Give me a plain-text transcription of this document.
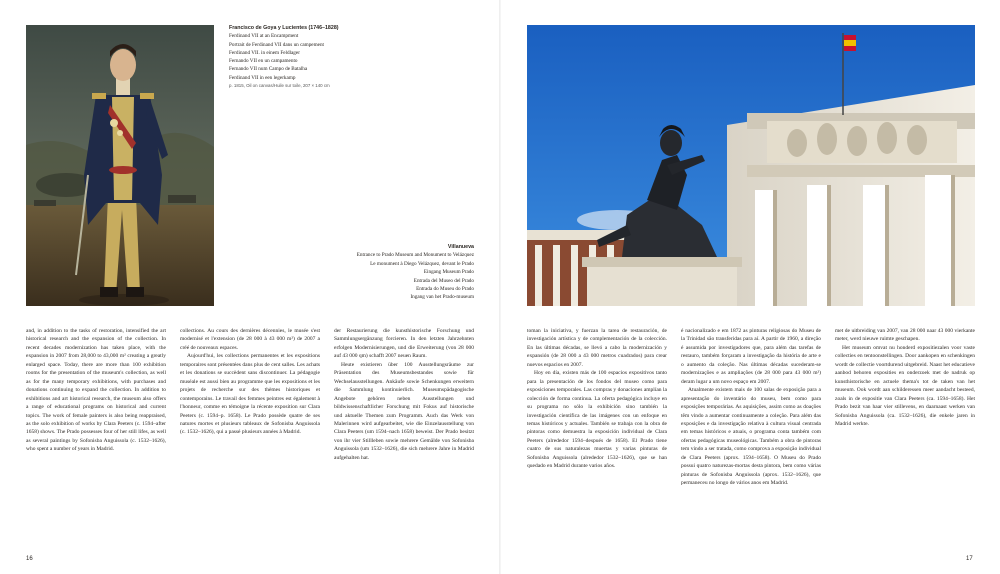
Francisco de Goya y Lucientes (1746–1828)
Ferdinand VII at an Encampment
Portrait de Ferdinand VII dans un campement
Ferdinand VII. in einem Feldlager
Fernando VII en un campamento
Fernando VII num Campo de Batalha
Ferdinand VII in een legerkamp
p. 1815, Oil on canvas/Huile sur toile, 207 × 140 cm
Villanueva
Entrance to Prado Museum and Monument to Velázquez
Le monument à Diego Velázquez, devant le Prado
Eingang Museum Prado
Entrada del Museo del Prado
Entrada do Museu do Prado
Ingang van het Prado-museum

and, in addition to the tasks of restoration, intensified the art historical research and the expansion of the collection. In recent decades modernization has taken place, with the expansion in 2007 from 28,000 to 43,000 m² creating a greatly enlarged space. Today, there are more than 100 exhibition rooms for the presentation of the museum's collection, as well as for the many temporary exhibitions, with purchases and donations continuing to expand the collection. In addition to exhibitions and art historical research, the museum also offers a range of educational programs on historical and current topics. The work of female painters is also being reappraised, as the solo exhibition of works by Clara Peeters (c. 1594–after 1658) shows. The Prado possesses four of her still lifes, as well as several paintings by Sofonisba Anguissola (c. 1532–1626), who spent a number of years in Madrid.

collections. Au cours des dernières décennies, le musée s'est modernisé et l'extension (de 28 000 à 43 000 m²) de 2007 a créé de nouveaux espaces.

Aujourd'hui, les collections permanentes et les expositions temporaires sont présentées dans plus de cent salles. Les achats et les donations se succèdent sans discontinuer. La pédagogie muséale est aussi bien au programme que les expositions et les projets de recherche sur des thèmes historiques et contemporains. Le travail des femmes peintres est également à l'honneur, comme en témoigne la récente exposition sur Clara Peeters (c. 1594–p. 1658). Le Prado possède quatre de ses natures mortes et plusieurs tableaux de Sofonisba Anguissola (c. 1532–1626), qui a passé plusieurs années à Madrid.

der Restaurierung die kunsthistorische Forschung und Sammlungsergänzung forcieren. In den letzten Jahrzehnten erfolgen Modernisierungen, und die Erweiterung (von 28 000 auf 43 000 qm) schafft 2007 neuen Raum.

Heute existieren über 100 Ausstellungsräume zur Präsentation des Museumsbestandes sowie für Wechselausstellungen. Ankäufe sowie Schenkungen erweitern die Sammlung kontinuierlich. Museumspädagogische Angebote gehören neben Ausstellungen und bildwissenschaftlicher Forschung mit Fokus auf historische und aktuelle Themen zum Programm. Auch das Werk von Malerinnen wird aufgearbeitet, wie die Einzelausstellung von Clara Peeters (um 1594–nach 1658) beweist. Der Prado besitzt von ihr vier Stillleben sowie mehrere Gemälde von Sofonisba Anguissola (um 1532–1626), die sich mehrere Jahre in Madrid aufgehalten hat.

toman la iniciativa, y fuerzan la tarea de restauración, de investigación artística y de complementación de la colección. En las últimas décadas, se llevó a cabo la modernización y expansión (de 28 000 a 43 000 metros cuadrados) para crear nuevos espacios en 2007.

Hoy en día, existen más de 100 espacios expositivos tanto para la presentación de los fondos del museo como para exposiciones temporales. Las compras y donaciones amplían la colección de forma continua. La oferta pedagógica incluye en su programa no sólo la exhibición sino también la investigación científica de las imágenes con un enfoque en temas históricos y actuales. También se trabaja con la obra de pintoras como demuestra la exposición individual de Clara Peeters (alrededor 1594–después de 1658). El Prado tiene cuatro de sus naturalezas muertas y varias pinturas de Sofonisba Anguissola (alrededor 1532–1626), que se han quedado en Madrid durante varios años.

é nacionalizado e em 1872 as pinturas religiosas do Museu de la Trinidad são transferidas para aí. A partir de 1960, a direção é assumida por investigadores que, para além das tarefas de restauro, também forçaram a investigação da história de arte e o aumento da coleção. Nas últimas décadas sucederam-se modernizações e as ampliações (de 28 000 para 43 000 m²) deram lugar a um novo espaço em 2007.

Atualmente existem mais de 100 salas de exposição para a apresentação do inventário do museu, bem como para exposições temporárias. As aquisições, assim como as doações têm vindo a aumentar continuamente a coleção. Para além das exposições e da investigação relativa à cultura visual centrada em temas históricos e atuais, o programa conta também com ofertas pedagógicas museológicas. Também a obra de pintoras tem vindo a ser tratada, como comprova a exposição individual de Clara Peeters (aprox. 1594–1658). O Museu do Prado possui quatro naturezas-mortas desta pintora, bem como várias pinturas de Sofonisba Anguissola (aprox. 1532–1626), que permaneceu no longo de vários anos em Madrid.

met de uitbreiding van 2007, van 28 000 naar 43 000 vierkante meter, werd nieuwe ruimte geschapen.

Het museum omvat nu honderd expositiezalen voor vaste collecties en tentoonstellingen. Door aankopen en schenkingen wordt de collectie voortdurend uitgebreid. Naast het educatieve aanbod behoren exposities en onderzoek met de nadruk op kunsthistorische en actuele thema's tot de taken van het museum. Ook wordt aan schilderessen meer aandacht besteed, zoals in de expositie van Clara Peeters (ca. 1594–1658). Het Prado bezit van haar vier stillevens, en daarnaast werken van Sofonisba Anguissola (ca. 1532–1626), die enkele jaren in Madrid werkte.

16	17
